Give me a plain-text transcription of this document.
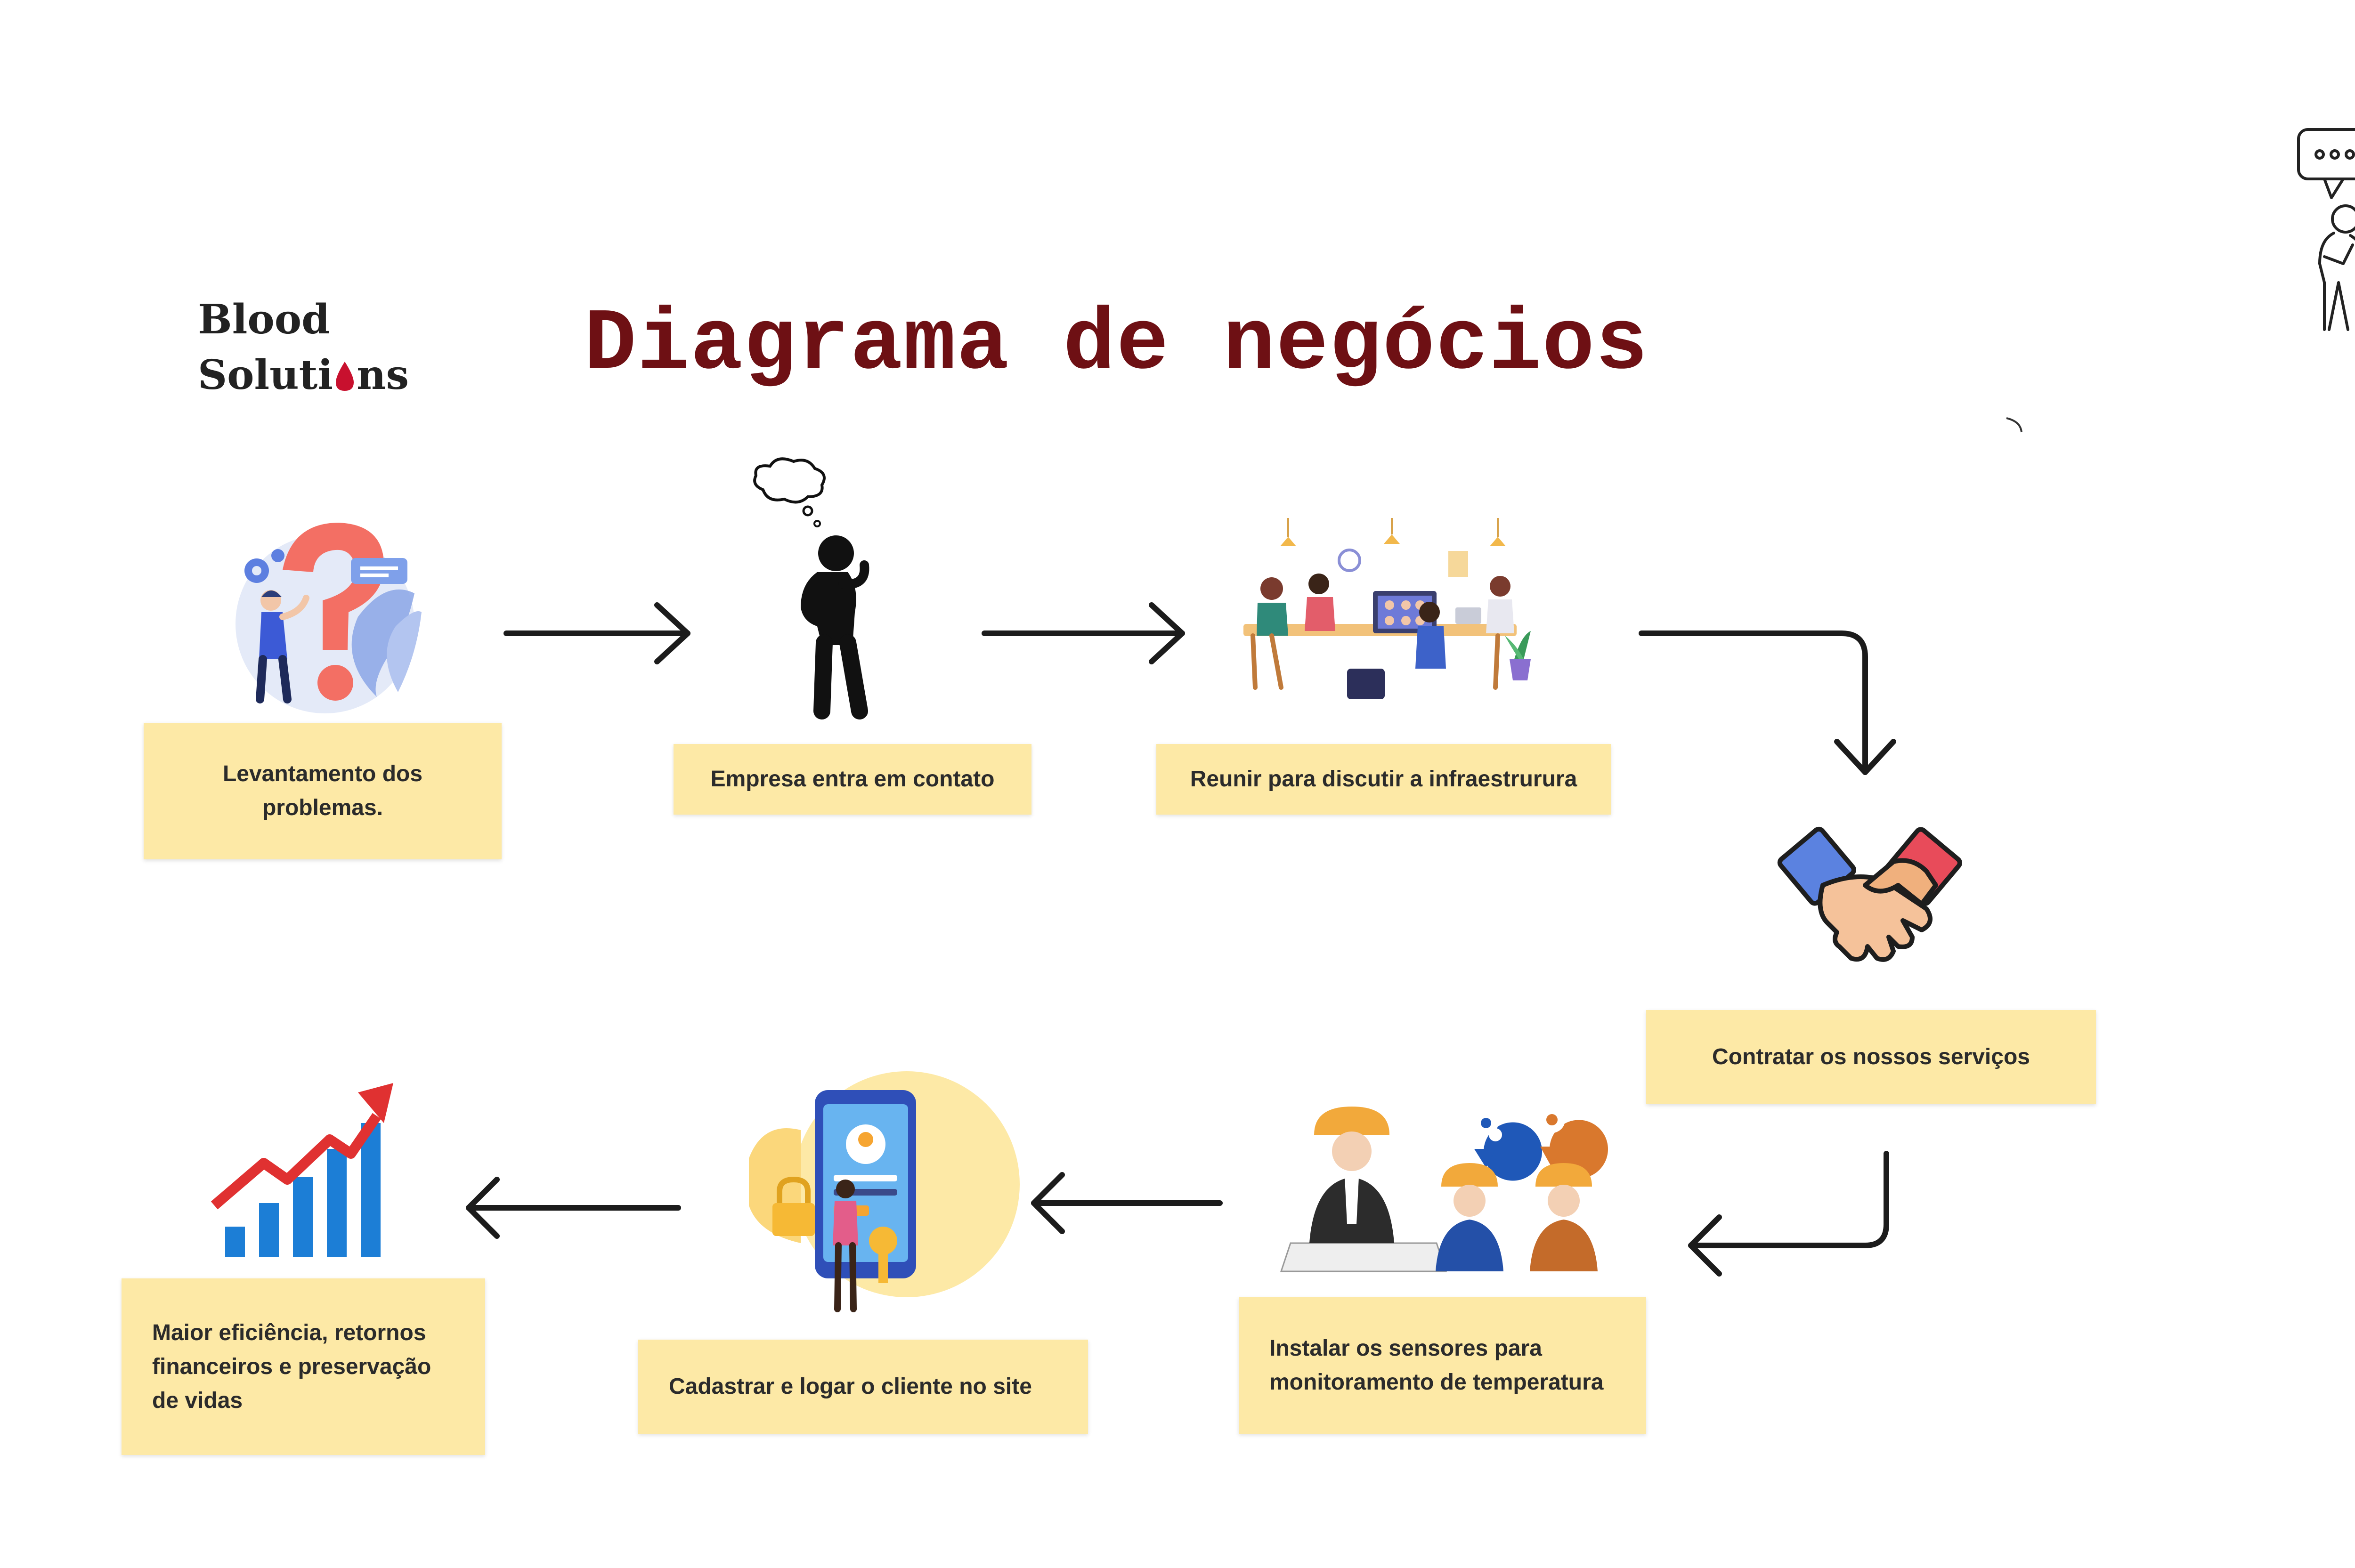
Blood
Soluti ns Diagrama de negócios
Levantamento dos problemas.
Empresa entra em contato	Reunir para discutir a infraestrurura
Contratar os nossos serviços
Instalar os sensores para monitoramento de temperatura
Cadastrar e logar o cliente no site
Maior eficiência, retornos financeiros e preservação de vidas
